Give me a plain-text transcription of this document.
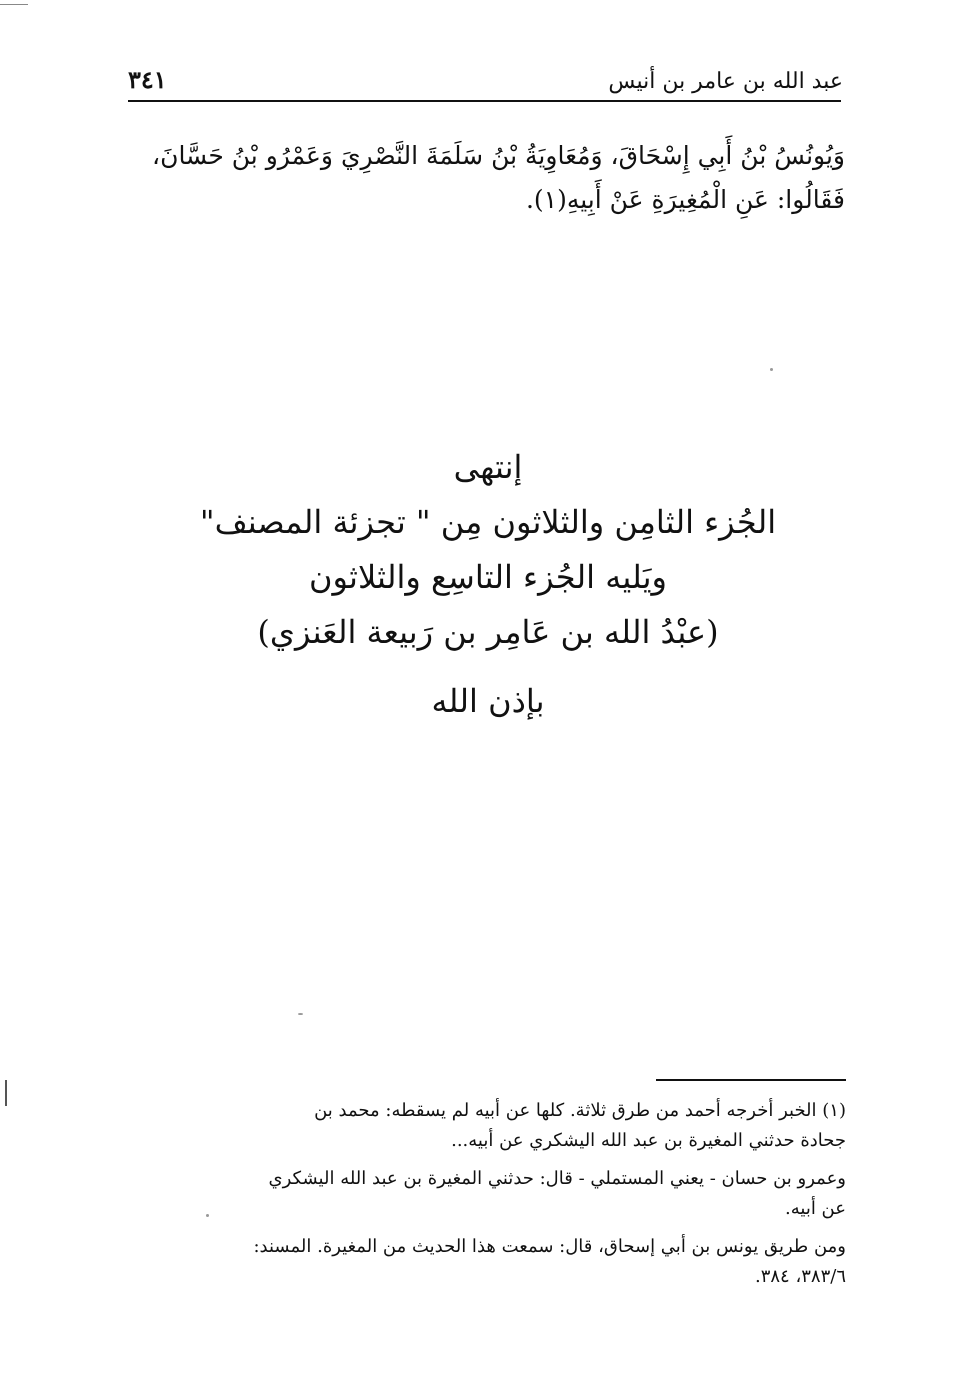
عبد الله بن عامر بن أنيس
٣٤١
وَيُونُسُ بْنُ أَبِي إِسْحَاقَ، وَمُعَاوِيَةُ بْنُ سَلَمَةَ النَّصْرِيَ وَعَمْرُو بْنُ حَسَّانَ،
فَقَالُوا: عَنِ الْمُغِيرَةِ عَنْ أَبِيهِ(١).
إنتهى
الجُزء الثامِن والثلاثون مِن " تجزئة المصنف"
ويَليه الجُزء التاسِع والثلاثون
(عبْدُ الله بن عَامِر بن رَبيعة العَنزي)
بإذن الله
(١) الخبر أخرجه أحمد من طرق ثلاثة. كلها عن أبيه لم يسقطه: محمد بن
جحادة حدثني المغيرة بن عبد الله اليشكري عن أبيه...
وعمرو بن حسان - يعني المستملي - قال: حدثني المغيرة بن عبد الله اليشكري
عن أبيه.
ومن طريق يونس بن أبي إسحاق، قال: سمعت هذا الحديث من المغيرة. المسند:
٣٨٣/٦، ٣٨٤.
